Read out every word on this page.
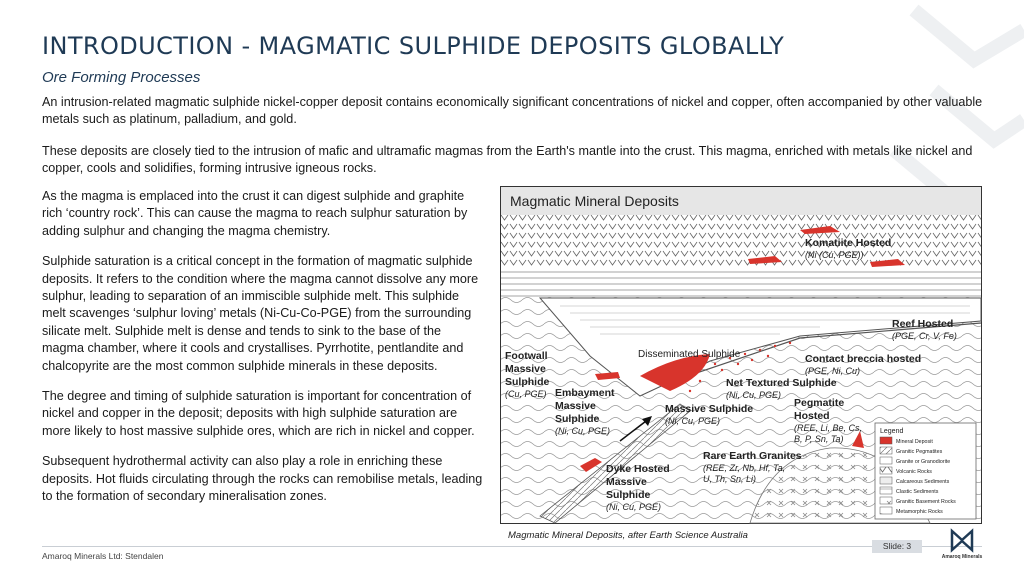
INTRODUCTION - MAGMATIC SULPHIDE DEPOSITS GLOBALLY
Ore Forming Processes

An intrusion-related magmatic sulphide nickel-copper deposit contains economically significant concentrations of nickel and copper, often accompanied by other valuable metals such as platinum, palladium, and gold.

These deposits are closely tied to the intrusion of mafic and ultramafic magmas from the Earth's mantle into the crust. This magma, enriched with metals like nickel and copper, cools and solidifies, forming intrusive igneous rocks.

As the magma is emplaced into the crust it can digest sulphide and graphite rich ‘country rock’. This can cause the magma to reach sulphur saturation by adding sulphur and changing the magma chemistry.

Sulphide saturation is a critical concept in the formation of magmatic sulphide deposits. It refers to the condition where the magma cannot dissolve any more sulphur, leading to separation of an immiscible sulphide melt. This sulphide melt scavenges ‘sulphur loving’ metals (Ni-Cu-Co-PGE) from the surrounding silicate melt. Sulphide melt is dense and tends to sink to the base of the magma chamber, where it cools and crystallises. Pyrrhotite, pentlandite and chalcopyrite are the most common sulphide minerals in these deposits.

The degree and timing of sulphide saturation is important for concentration of nickel and copper in the deposit; deposits with high sulphide saturation are more likely to host massive sulphide ores, which are rich in nickel and copper.

Subsequent hydrothermal activity can also play a role in enriching these deposits. Hot fluids circulating through the rocks can remobilise metals, leading to the formation of secondary mineralisation zones.

Magmatic Mineral Deposits
Komatiite Hosted
(Ni (Cu, PGE))
Reef Hosted
(PGE, Cr, V, Fe)
Disseminated Sulphide	Contact breccia hosted
(PGE, Ni, Cu)
Footwall
Massive
Sulphide
(Cu, PGE)
Net Textured Sulphide
(Ni, Cu, PGE)
Embayment
Massive
Sulphide
(Ni, Cu, PGE)
Massive Sulphide
(Ni, Cu, PGE)
Pegmatite
Hosted
(REE, Li, Be, Cs,
B, P, Sn, Ta)
Rare Earth Granites
(REE, Zr, Nb, Hf, Ta,
U, Th, Sn, Li)
Dyke Hosted
Massive
Sulphide
(Ni, Cu, PGE)
Legend
Mineral Deposit
Granitic Pegmatites
Granite or Granodiorite
Volcanic Rocks
Calcareous Sediments
Clastic Sediments
Granitic Basement Rocks
Metamorphic Rocks
Magmatic Mineral Deposits, after Earth Science Australia
Amaroq Minerals Ltd: Stendalen
Slide: 3
Amaroq Minerals
